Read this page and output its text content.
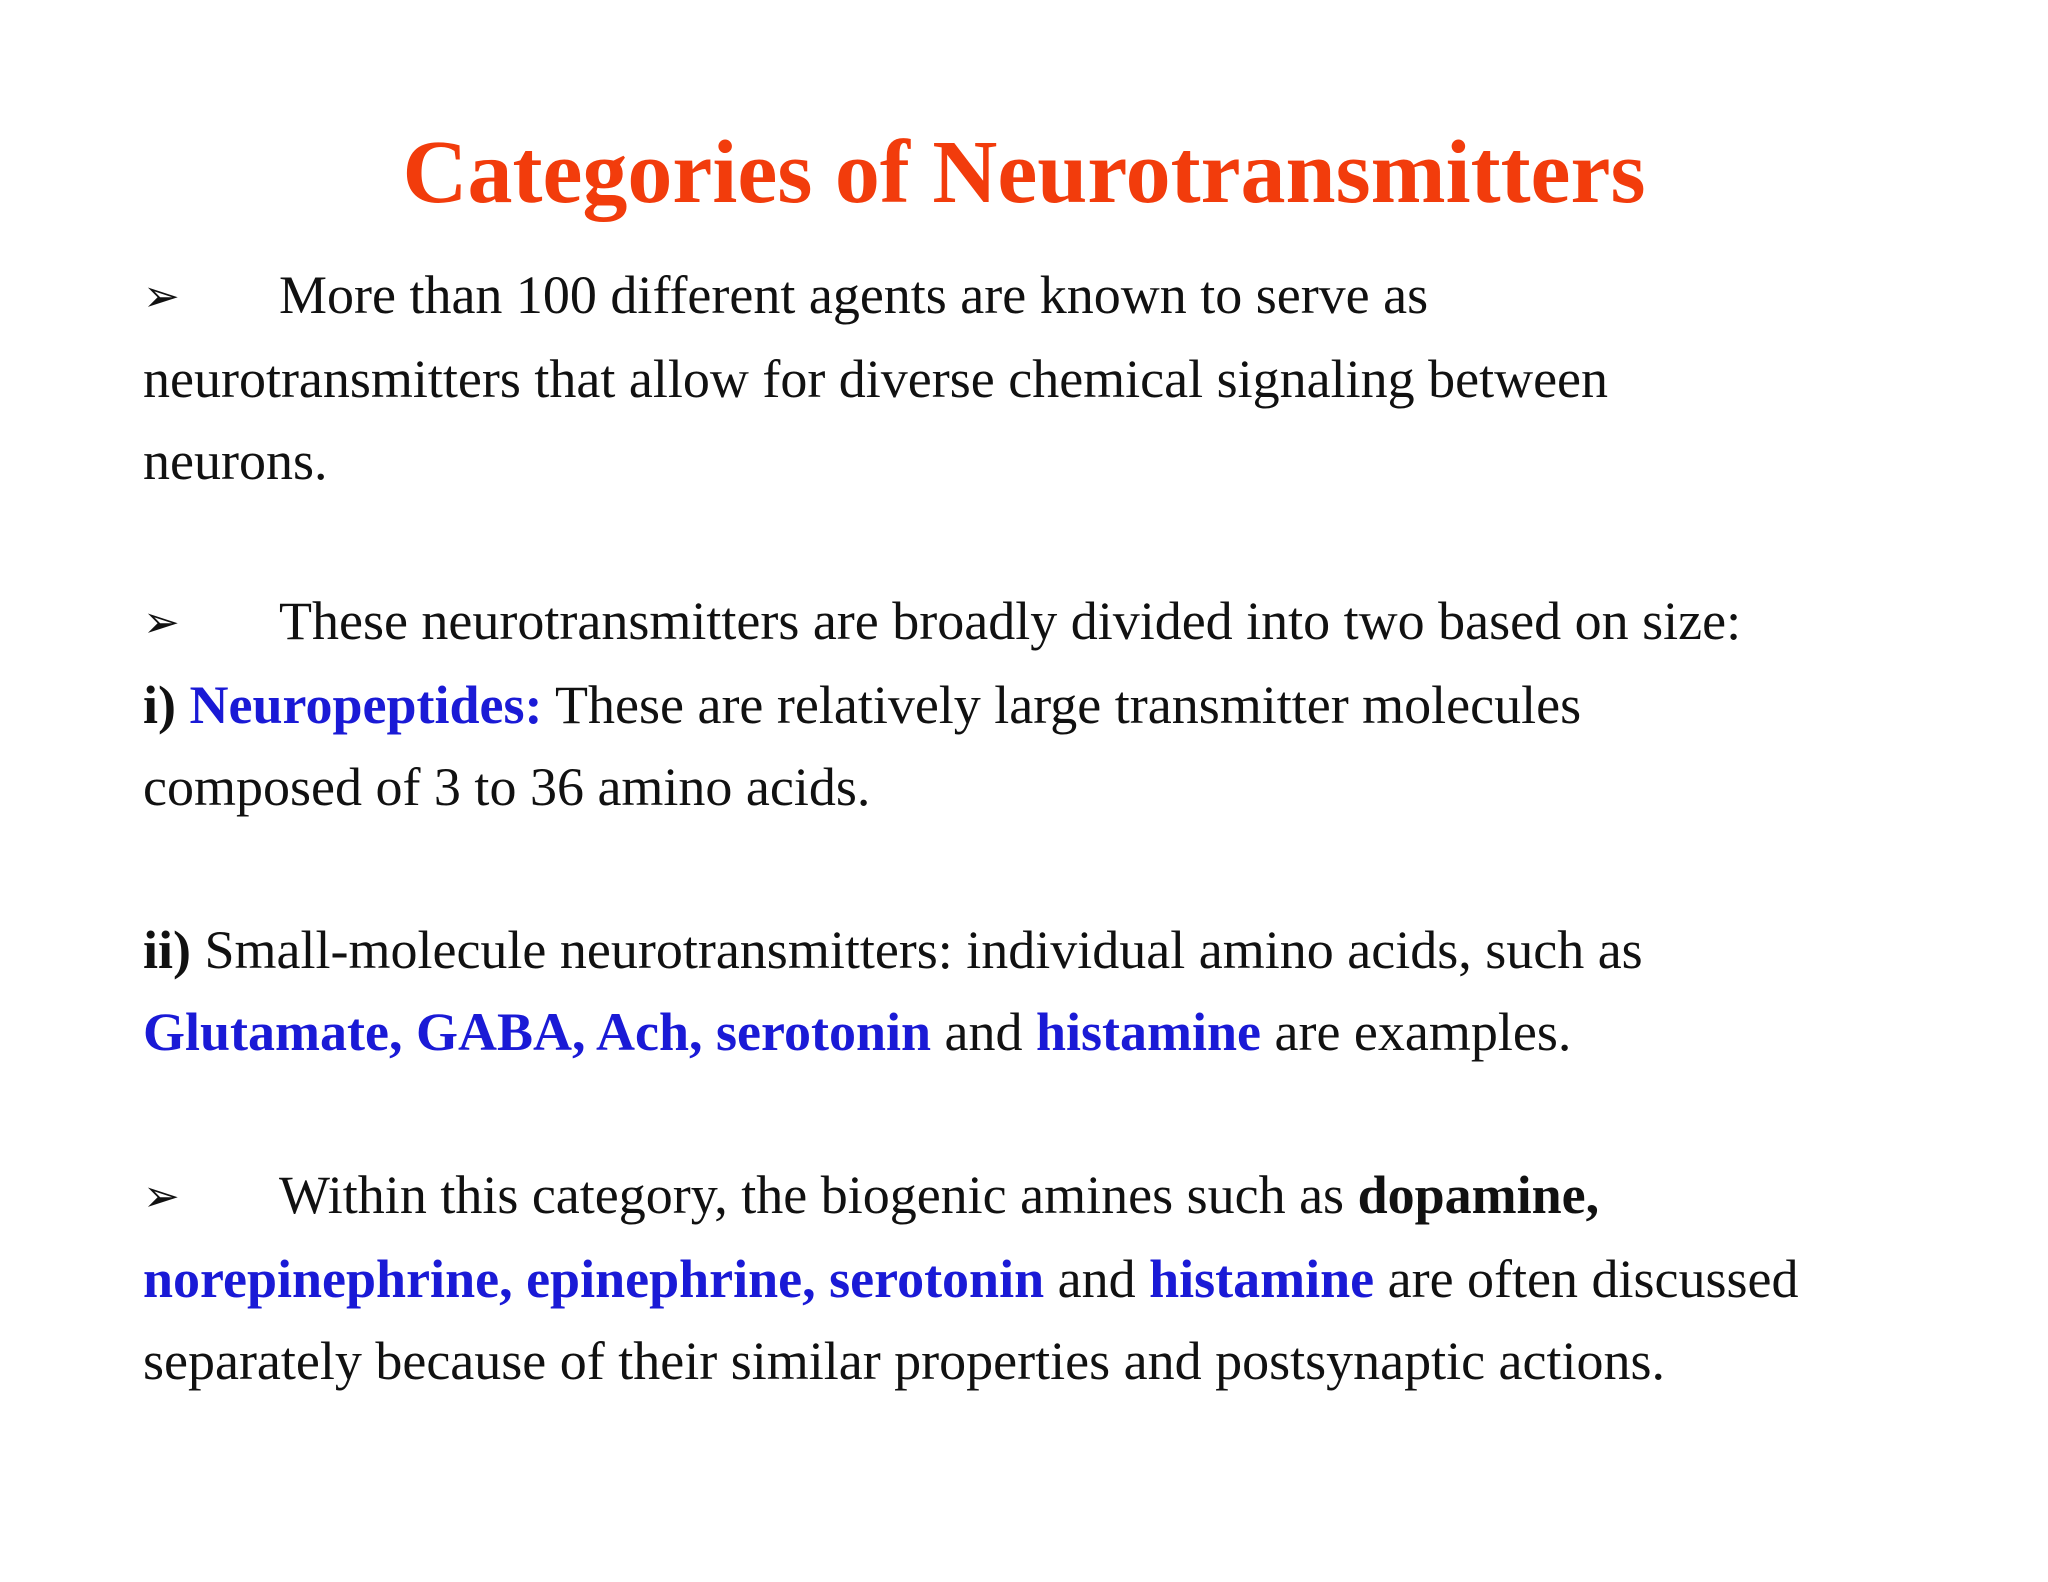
Categories of Neurotransmitters
➢ More than 100 different agents are known to serve as
neurotransmitters that allow for diverse chemical signaling between
neurons.
➢ These neurotransmitters are broadly divided into two based on size:
i) Neuropeptides: These are relatively large transmitter molecules
composed of 3 to 36 amino acids.
ii) Small-molecule neurotransmitters: individual amino acids, such as
Glutamate, GABA, Ach, serotonin and histamine are examples.
➢ Within this category, the biogenic amines such as dopamine,
norepinephrine, epinephrine, serotonin and histamine are often discussed
separately because of their similar properties and postsynaptic actions.
